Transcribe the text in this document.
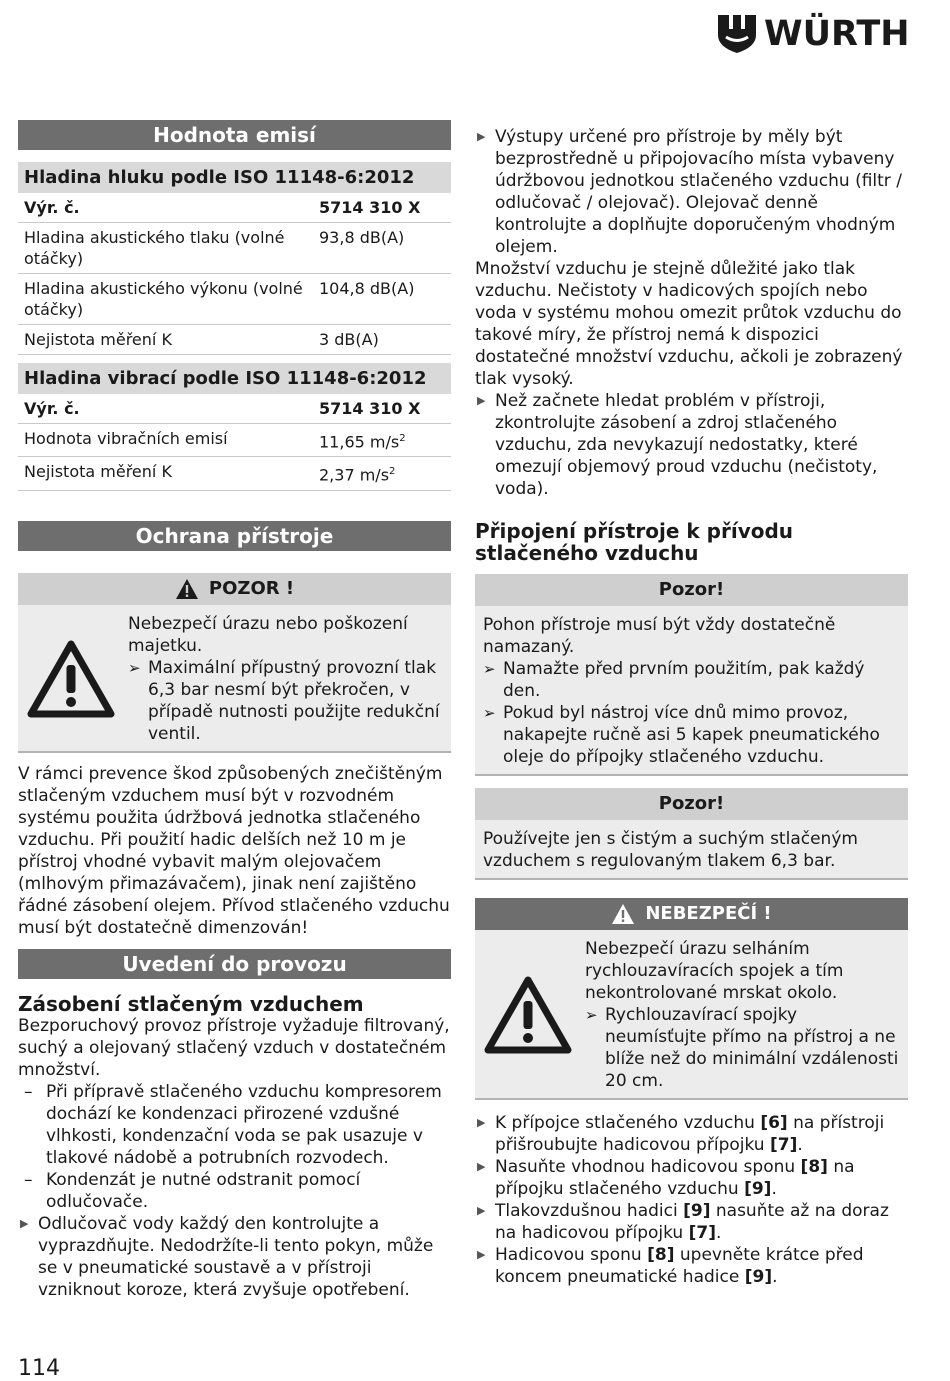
WÜRTH
Hodnota emisí
Hladina hluku podle ISO 11148-6:2012	
Výr. č.	5714 310 X
Hladina akustického tlaku (volné otáčky)	93,8 dB(A)
Hladina akustického výkonu (volné otáčky)	104,8 dB(A)
Nejistota měření K	3 dB(A)
Hladina vibrací podle ISO 11148-6:2012	
Výr. č.	5714 310 X
Hodnota vibračních emisí	11,65 $m/s^2$
Nejistota měření K	2,37 $m/s^2$
Ochrana přístroje
POZOR !

Nebezpečí úrazu nebo poškození majetku.

➢ Maximální přípustný provozní tlak 6,3 bar nesmí být překročen, v případě nutnosti použijte redukční ventil.

V rámci prevence škod způsobených znečištěným stlačeným vzduchem musí být v rozvodném systému použita údržbová jednotka stlačeného vzduchu. Při použití hadic delších než 10 m je přístroj vhodné vybavit malým olejovačem (mlhovým přimazávačem), jinak není zajištěno řádné zásobení olejem. Přívod stlačeného vzduchu musí být dostatečně dimenzován!

Uvedení do provozu

Zásobení stlačeným vzduchem

Bezporuchový provoz přístroje vyžaduje filtrovaný, suchý a olejovaný stlačený vzduch v dostatečném množství.

– Při přípravě stlačeného vzduchu kompresorem dochází ke kondenzaci přirozené vzdušné vlhkosti, kondenzační voda se pak usazuje v tlakové nádobě a potrubních rozvodech.
– Kondenzát je nutné odstranit pomocí odlučovače.
▶ Odlučovač vody každý den kontrolujte a vyprazdňujte. Nedodržíte-li tento pokyn, může se v pneumatické soustavě a v přístroji vzniknout koroze, která zvyšuje opotřebení.
▶ Výstupy určené pro přístroje by měly být bezprostředně u připojovacího místa vybaveny údržbovou jednotkou stlačeného vzduchu (filtr / odlučovač / olejovač). Olejovač denně kontrolujte a doplňujte doporučeným vhodným olejem.

Množství vzduchu je stejně důležité jako tlak vzduchu. Nečistoty v hadicových spojích nebo voda v systému mohou omezit průtok vzduchu do takové míry, že přístroj nemá k dispozici dostatečné množství vzduchu, ačkoli je zobrazený tlak vysoký.

▶ Než začnete hledat problém v přístroji, zkontrolujte zásobení a zdroj stlačeného vzduchu, zda nevykazují nedostatky, které omezují objemový proud vzduchu (nečistoty, voda).

Připojení přístroje k přívodu stlačeného vzduchu

Pozor!

Pohon přístroje musí být vždy dostatečně namazaný.

➢ Namažte před prvním použitím, pak každý den.
➢ Pokud byl nástroj více dnů mimo provoz, nakapejte ručně asi 5 kapek pneumatického oleje do přípojky stlačeného vzduchu.
Pozor!

Používejte jen s čistým a suchým stlačeným vzduchem s regulovaným tlakem 6,3 bar.

NEBEZPEČÍ !

Nebezpečí úrazu selháním rychlouzavíracích spojek a tím nekontrolované mrskat okolo.

➢ Rychlouzavírací spojky neumísťujte přímo na přístroj a ne blíže než do minimální vzdálenosti 20 cm.
▶ K přípojce stlačeného vzduchu [6] na přístroji přišroubujte hadicovou přípojku [7].
▶ Nasuňte vhodnou hadicovou sponu [8] na přípojku stlačeného vzduchu [9].
▶ Tlakovzdušnou hadici [9] nasuňte až na doraz na hadicovou přípojku [7].
▶ Hadicovou sponu [8] upevněte krátce před koncem pneumatické hadice [9].
114
